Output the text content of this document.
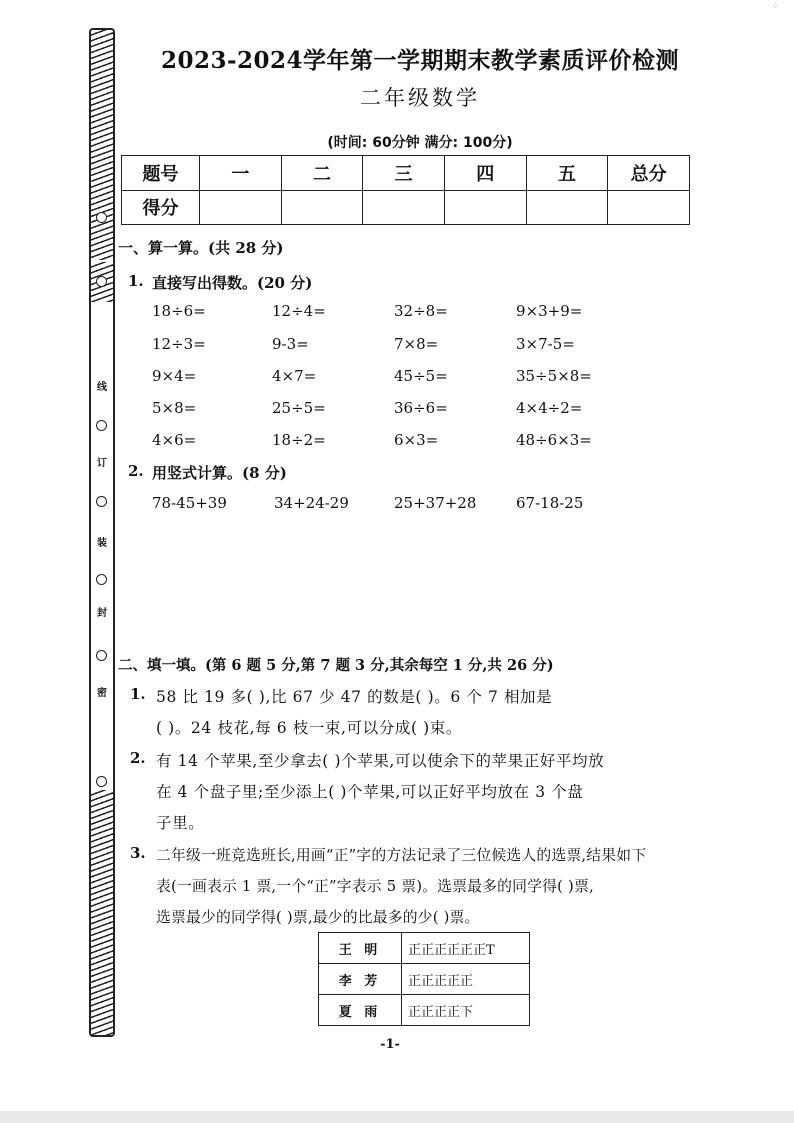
⁘
线
订
装
封
密
2023-2024学年第一学期期末教学素质评价检测
二年级数学
(时间: 60分钟 满分: 100分)
题号	一	二	三	四	五	总分
得分						
一、算一算。(共 28 分)
1. 直接写出得数。(20 分)
18÷6=	12÷4=	32÷8=	9×3+9=
12÷3=	9-3=	7×8=	3×7-5=
9×4=	4×7=	45÷5=	35÷5×8=
5×8=	25÷5=	36÷6=	4×4÷2=
4×6=	18÷2=	6×3=	48÷6×3=
2. 用竖式计算。(8 分)
78-45+39	34+24-29	25+37+28	67-18-25
二、填一填。(第 6 题 5 分,第 7 题 3 分,其余每空 1 分,共 26 分)
1. 58 比 19 多( ),比 67 少 47 的数是( )。6 个 7 相加是
( )。24 枝花,每 6 枝一束,可以分成( )束。
2. 有 14 个苹果,至少拿去( )个苹果,可以使余下的苹果正好平均放
在 4 个盘子里;至少添上( )个苹果,可以正好平均放在 3 个盘
子里。
3. 二年级一班竞选班长,用画“正”字的方法记录了三位候选人的选票,结果如下
表(一画表示 1 票,一个“正”字表示 5 票)。选票最多的同学得( )票,
选票最少的同学得( )票,最少的比最多的少( )票。
王 明	正正正正正正T
李 芳	正正正正正
夏 雨	正正正正下
-1-
